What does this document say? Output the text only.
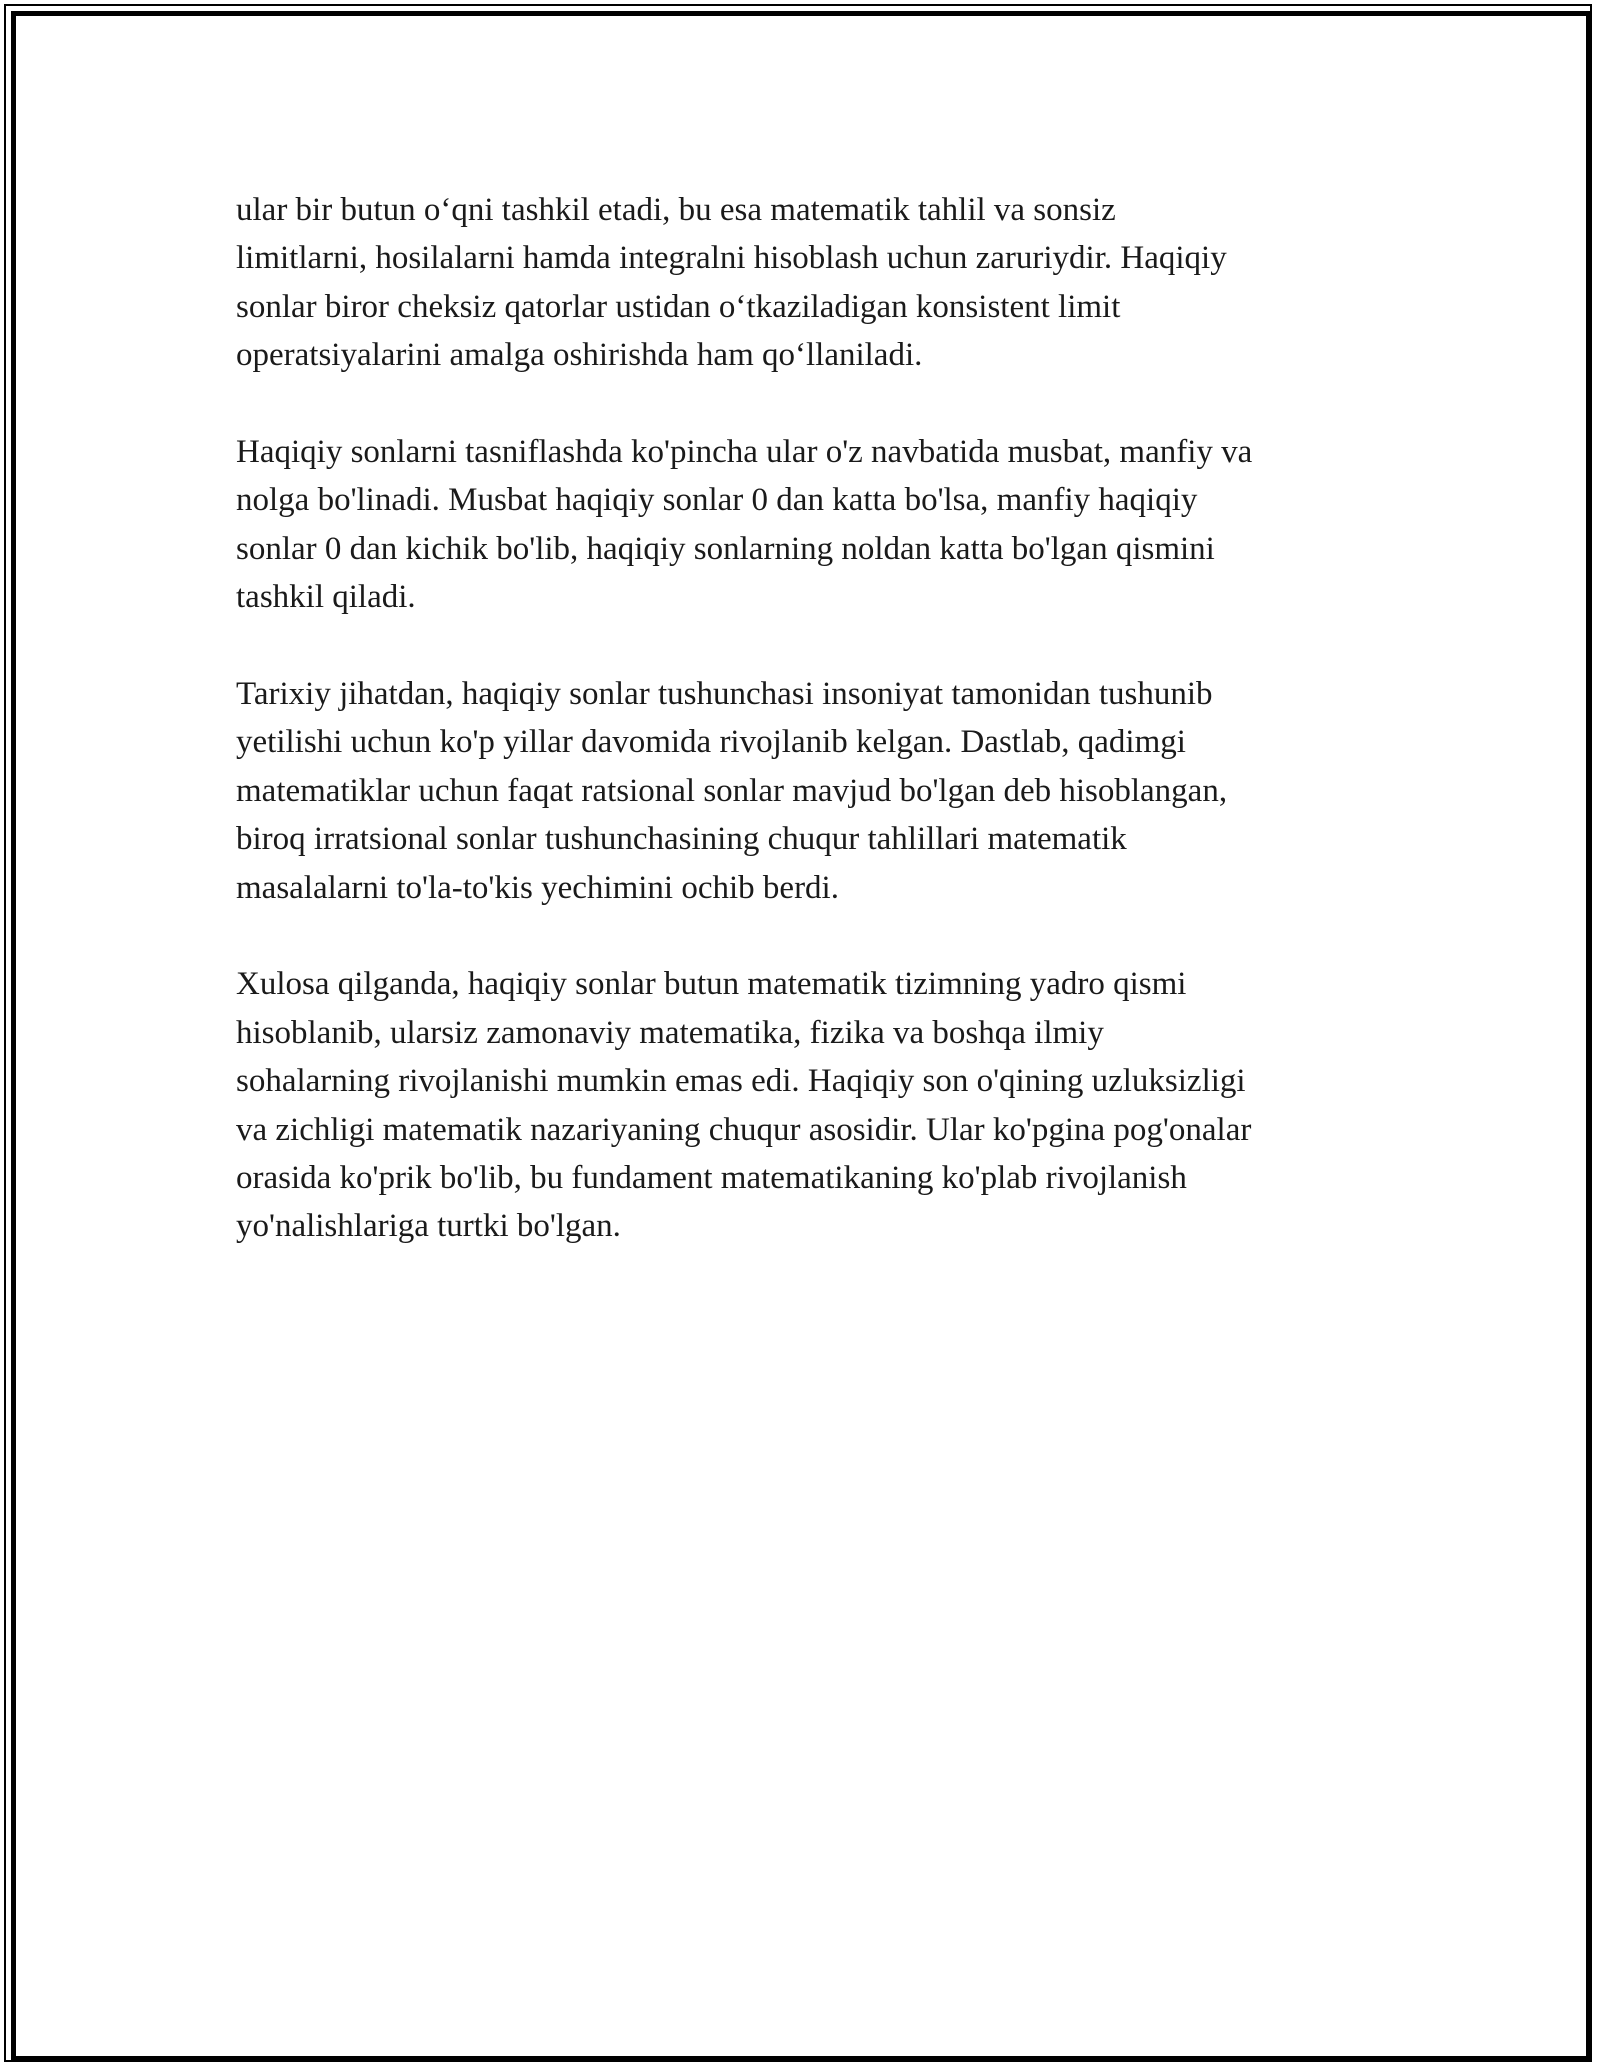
ular bir butun o‘qni tashkil etadi, bu esa matematik tahlil va sonsiz
limitlarni, hosilalarni hamda integralni hisoblash uchun zaruriydir. Haqiqiy
sonlar biror cheksiz qatorlar ustidan o‘tkaziladigan konsistent limit
operatsiyalarini amalga oshirishda ham qo‘llaniladi.

Haqiqiy sonlarni tasniflashda ko'pincha ular o'z navbatida musbat, manfiy va
nolga bo'linadi. Musbat haqiqiy sonlar 0 dan katta bo'lsa, manfiy haqiqiy
sonlar 0 dan kichik bo'lib, haqiqiy sonlarning noldan katta bo'lgan qismini
tashkil qiladi.

Tarixiy jihatdan, haqiqiy sonlar tushunchasi insoniyat tamonidan tushunib
yetilishi uchun ko'p yillar davomida rivojlanib kelgan. Dastlab, qadimgi
matematiklar uchun faqat ratsional sonlar mavjud bo'lgan deb hisoblangan,
biroq irratsional sonlar tushunchasining chuqur tahlillari matematik
masalalarni to'la-to'kis yechimini ochib berdi.

Xulosa qilganda, haqiqiy sonlar butun matematik tizimning yadro qismi
hisoblanib, ularsiz zamonaviy matematika, fizika va boshqa ilmiy
sohalarning rivojlanishi mumkin emas edi. Haqiqiy son o'qining uzluksizligi
va zichligi matematik nazariyaning chuqur asosidir. Ular ko'pgina pog'onalar
orasida ko'prik bo'lib, bu fundament matematikaning ko'plab rivojlanish
yo'nalishlariga turtki bo'lgan.
